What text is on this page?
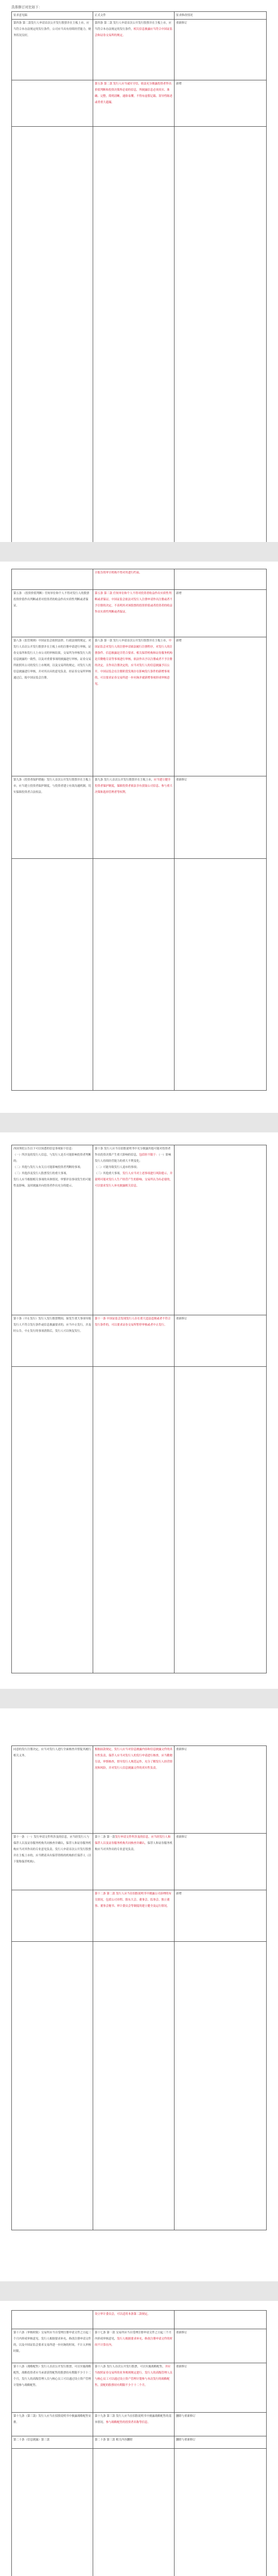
具体修订对比如下：
征求意见稿	正式文件	征求修改情况
第四条 第二款发行人申请首次公开发行股票并在主板上市，应当符合本办法规定的发行条件，公司应当具有持续经营能力，财务状况良好，	第四条 第二款 发行人申请首次公开发行股票并在主板上市，应当符合本办法规定的发行条件，相关信息披露应当符合中国证监会和证券交易所的规定。	重新修订
	第五条 第二款 发行人应当诚实守信，依法充分披露投资者作出价值判断和投资决策所必需的信息，所披露信息必须真实、准确、完整，简明清晰，通俗易懂，不得有虚假记载、误导性陈述或者重大遗漏。	新增

	计报告的审计机构不得对其进行约束。	
第五条 （投资价值判断）任何单位和个人不得对发行人的股票投资价值作出判断或者对投资者的收益作出实质性判断或者保证。	第五条 第三款 任何单位和个人不得对投资者收益作出实质性判断或者保证。中国证监会依法对发行人注册申请作出注册或者不予注册的决定，不表明其对该股票的投资价值或者投资者的收益作出实质性判断或者保证。	新增
第八条（监管规则）中国证监会依照法律、行政法规的规定，对发行人首次公开发行股票并在主板上市的注册申请进行审核，证券交易所和发行人上市公司的审核结果，交易所为审核发行人的信息披露的一致性，以及对重要事项的披露进行审核。证券交易所依照其公司的发行上市规则，以及交易所的规定，对发行人的信息披露进行审核，并对其出具的意见负责。经证券交易所审核通过后，报中国证监会注册。	第八条 第一款 发行人申请首次公开发行股票并在主板上市，中国证监会对发行人的注册申请依法履行注册程序，对发行人的注册条件、信息披露是否符合要求、相关保荐机构和证券服务机构是否勤勉尽责等事项进行审核，依法作出予以注册或者不予注册的决定，且作出注册决定的，应当对发行人的信息披露予以公开。中国证监会在注册阶段发现存在影响发行条件的新增事项的，可以要求证券交易所进一步问询并就新增事项形成审核意见。	新增
第九条（投资者保护措施）发行人首次公开发行股票并在主板上市，应当建立投资者保护制度，与投资者建立有效沟通机制，切实保障投资者合法权益。	第九条 发行人首次公开发行股票并在主板上市，应当建立健全投资者保护制度，保障投资者依法享有获取公司信息、参与重大决策和选择管理者等权利。	重新修订

西国务院公告以下可以知悉的信息事项如下信息：
（一）所涉及的发行人信息，与发行人是否可能影响投资者判断的；
（二）其他与发行人有关且可能影响投资者判断的事项；
（三）其他涉及发行人股票发行的重大事项。
发行人应当根据相关事项的具体情况，审慎评估事项发生的可能性及影响，及时披露并向投资者作出充分的提示。	第十条 发行人应当在招股说明书中充分披露其他可能对投资者作出投资决策产生重大影响的信息，包括但不限于：（一）影响发行人持续经营能力的重大不利变化；
（二）可能导致发行人退市的事项；
（三）其他重大事项。发行人应当对上述事项进行风险提示，并说明可能对发行人生产经营产生的影响。交易所认为有必要的，可以要求发行人补充披露相关信息。	
第十条（中止发行）发行人发行股票期间，如发生重大事项导致发行人不符合发行条件或信息披露要求的，应当中止发行，并及时公告。中止发行的事项消除后，发行人可以恢复发行。	第十一条 中国证监会发现发行人存在重大违法违规或者不符合发行条件的，可以要求证券交易所暂停审核或者中止发行。	重新修订

同意的发行注册决定，应当对发行人进行全面核查并督促其履行相关义务。	根据前款规定，发行人应当对信息披露内容和信息披露文件的真实性负责，保荐人应当对发行人的发行申请进行核查，应当勤勉尽责，审慎核查，督导发行人规范运作，充分了解发行人经营情况和风险，并对发行人信息披露文件的真实性负责。	重新修订
第十一条 （一）发行申请文件所涉及的信息，应当经发行人与保荐人以及证券服务机构共同核查并确认，保荐人和证券服务机构应当对其作出的专业意见负责。发行人申请首次公开发行股票并在主板上市的，应当聘请具有保荐资格的机构担任保荐人（以下简称保荐机构）。	第十二条 第一款发行申请文件所涉及的信息，应当经发行人和保荐人以及证券服务机构共同核查并确认，保荐人和证券服务机构应当对其作出的专业意见负责。	重新修订
	第十二条 第二款 发行人应当在招股说明书中披露公司治理的有关情况，包括公司章程、股东大会、董事会、监事会、独立董事、董事会秘书、审计委员会等制度的建立健全及运行情况。	新增

	设立审计委员会，可以适用本条第二款规定。	
第十六条（审核时限）交易所应当自受理注册申请文件之日起三个月内形成审核意见。发行人根据要求补充、修改注册申请文件的，以及中国证监会要求交易所进一步问询的时间，不计入审核时限。	第十七条 第一款 交易所应当自受理注册申请文件之日起三个月内形成审核意见，发行人根据要求补充、修改注册申请文件的时间不计算在内。	重新修订
第十八条（战略配售）发行人首次公开发行股票，可以实施战略配售，战略投资者应当承诺获得配售的股票持有期限不少于十二个月，发行人的高级管理人员与核心员工可以通过设立资产管理计划参与战略配售。	第十八条 发行人首次公开发行股票，可以实施战略配售，并应当按照证券交易所的业务规则规定进行。发行人的高级管理人员与核心员工可以通过设立资产管理计划参与本次发行的战略配售，获配的股票持有期限不少于十二个月。	重新修订
第十九条（第三款）发行人应当在招股说明书中披露战略配售安排。	第十九条 第三款 发行人应当在招股说明书中披露战略配售的基本情况、参与战略配售的投资者名称等信息。	删除与重新修订
第二十条（信息披露）第三款	第二十条 第三款 相关内容删除	删除与重新修订
